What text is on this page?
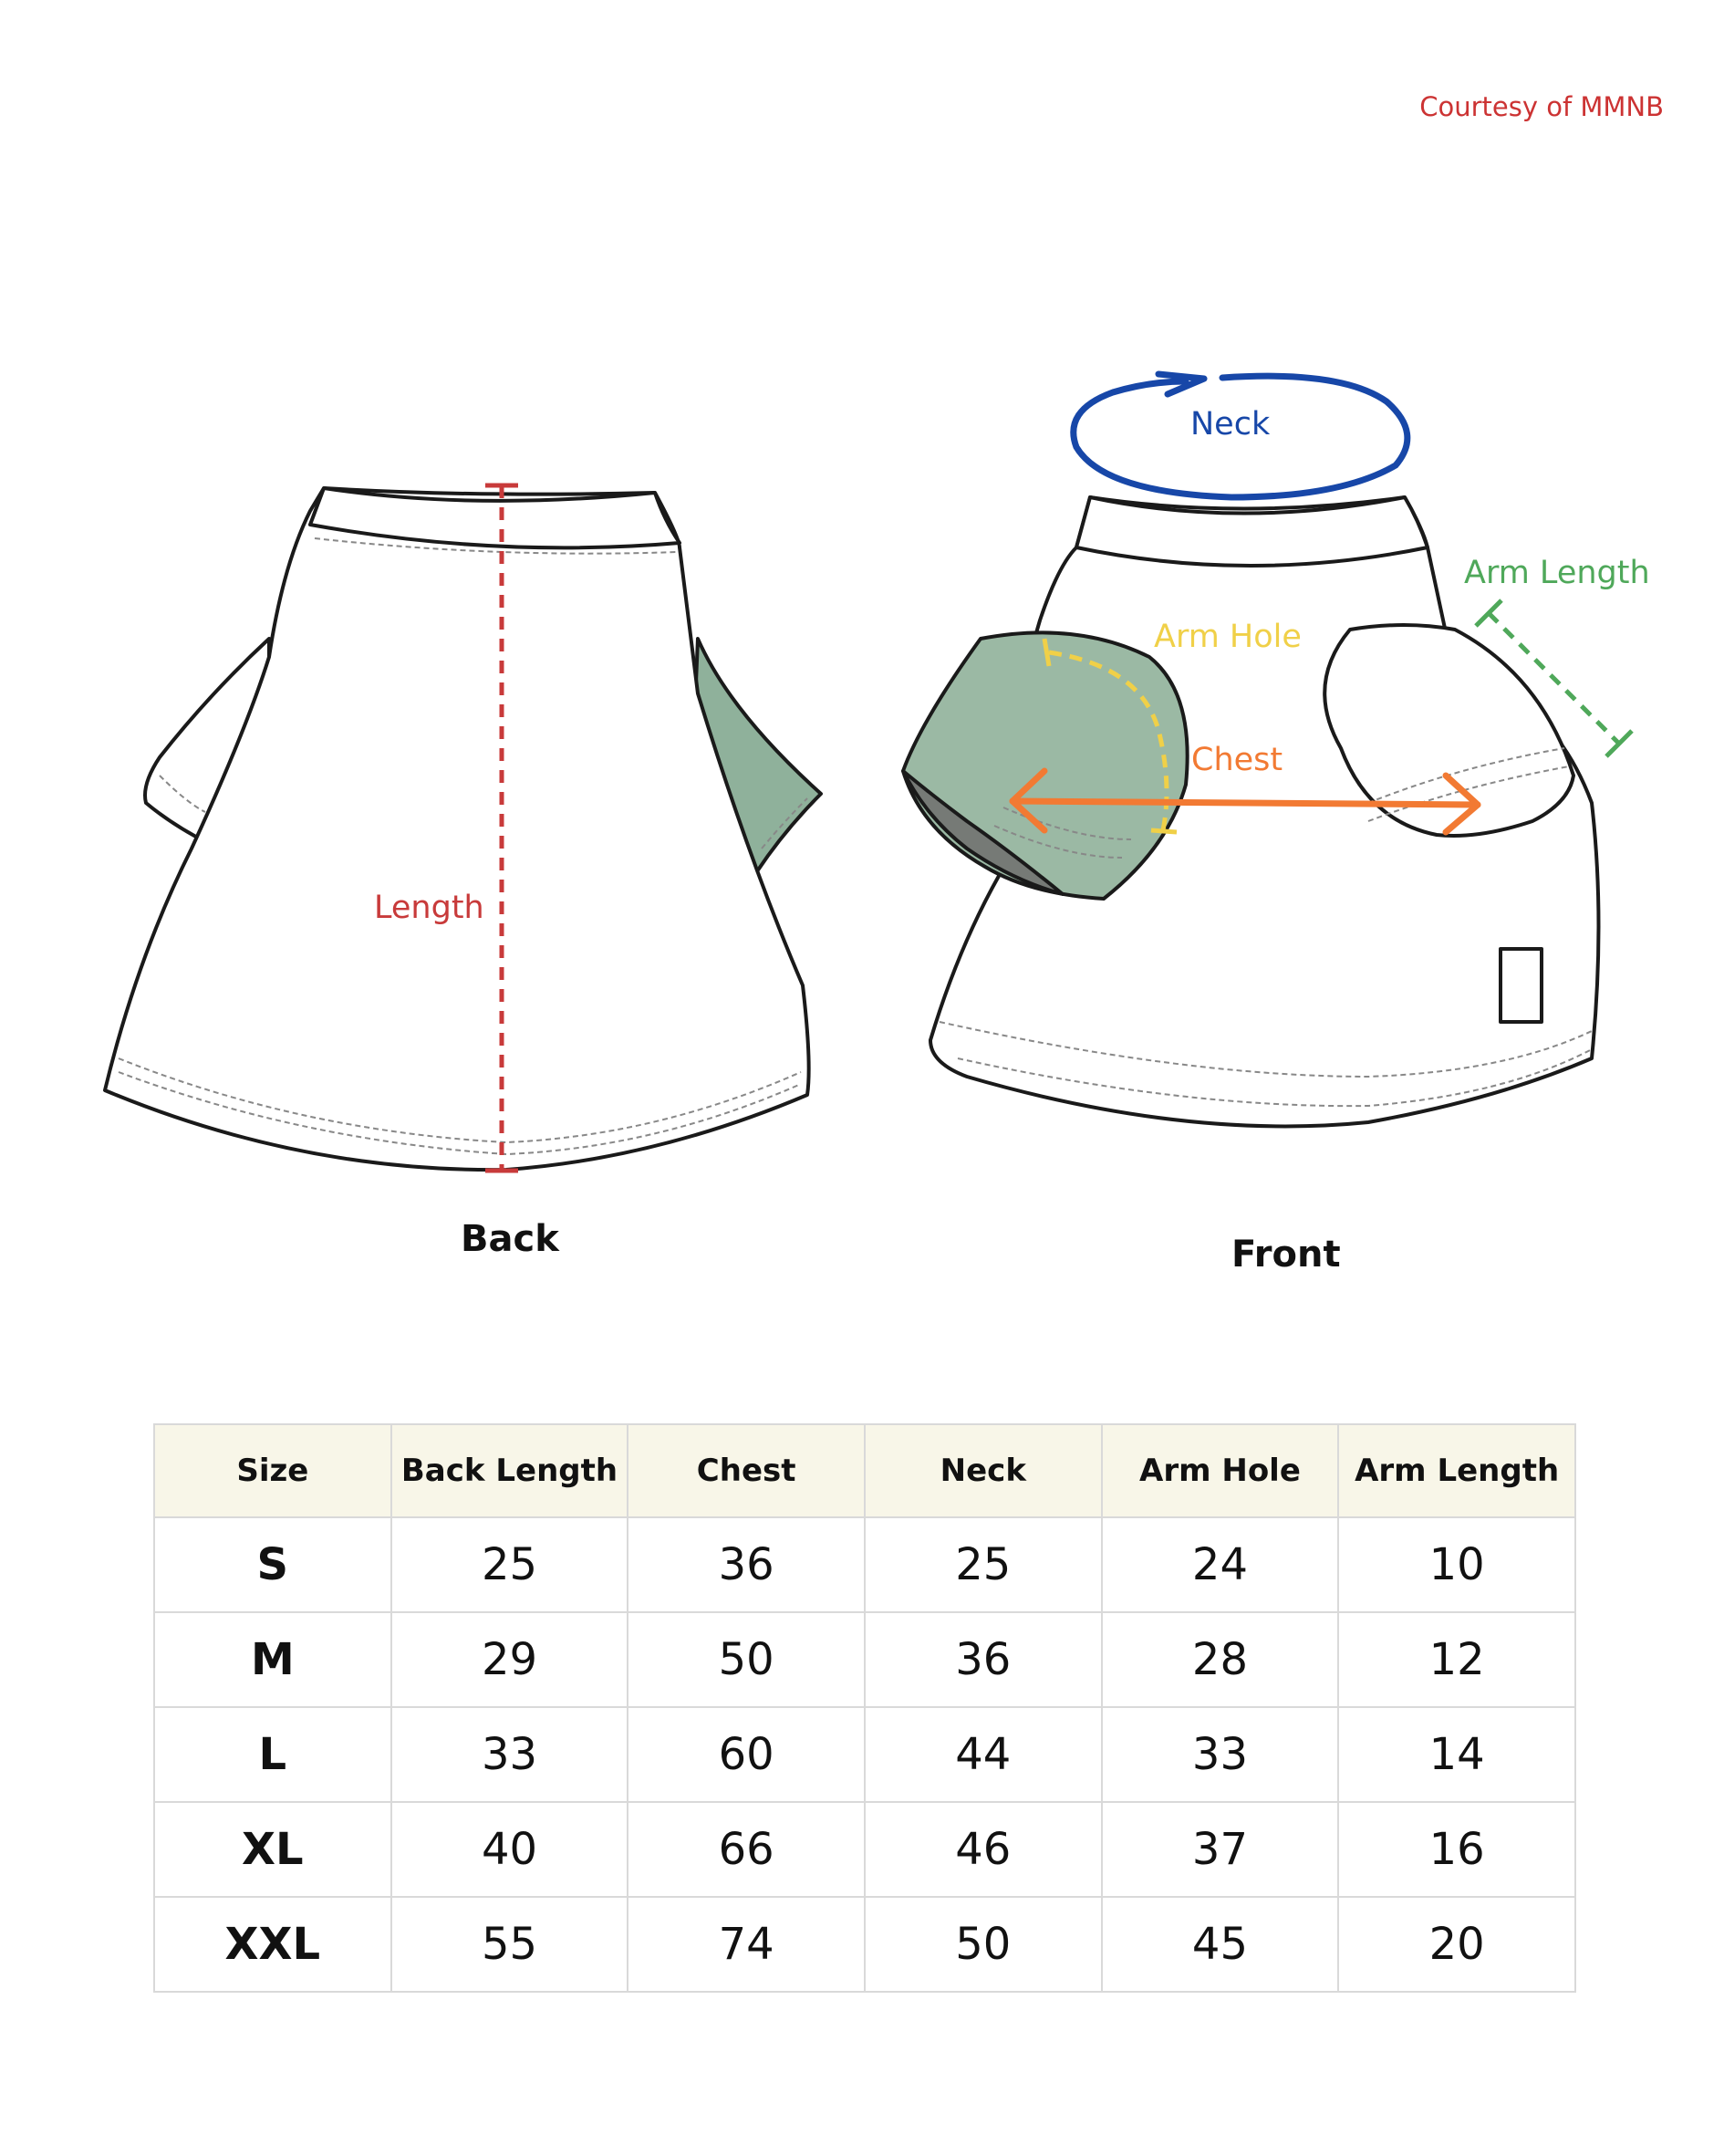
Courtesy of MMNB
Length
Neck
Arm Length
Arm Hole
Chest
Back	Front
Size	Back Length	Chest	Neck	Arm Hole	Arm Length
S	25	36	25	24	10
M	29	50	36	28	12
L	33	60	44	33	14
XL	40	66	46	37	16
XXL	55	74	50	45	20
